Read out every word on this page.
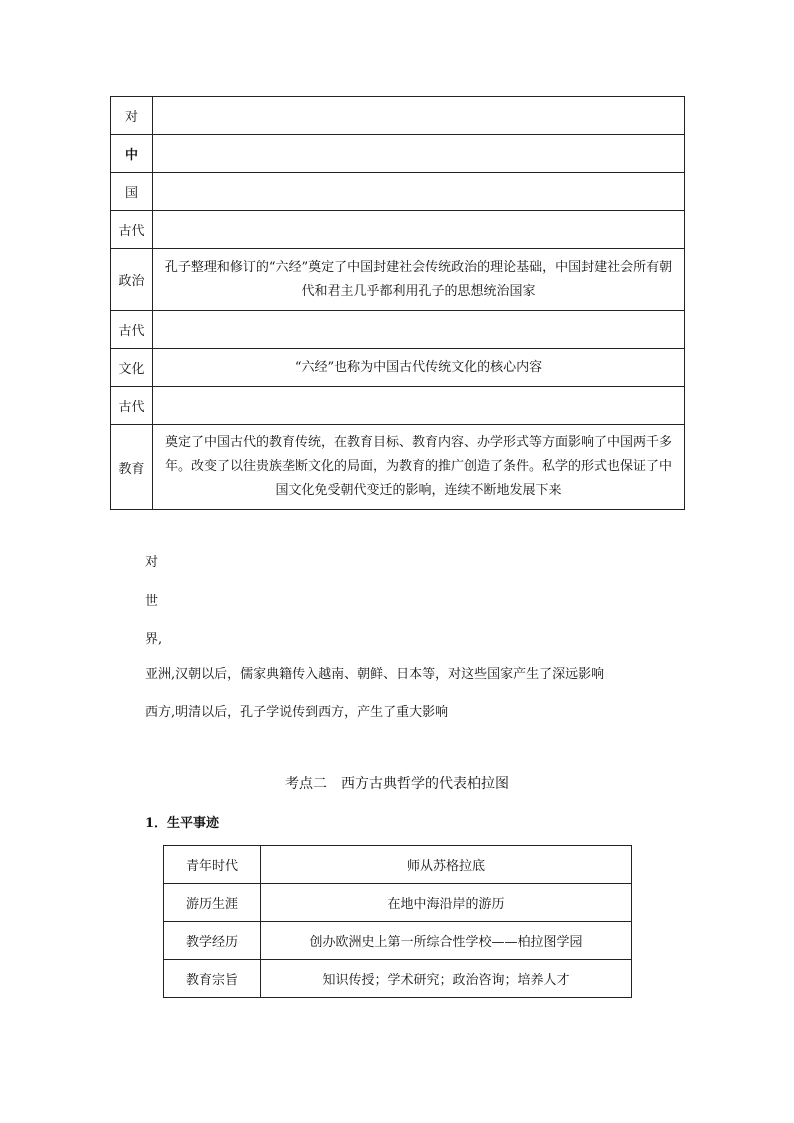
对	
中	
国	
古代	
政治	孔子整理和修订的“六经”奠定了中国封建社会传统政治的理论基础，中国封建社会所有朝代和君主几乎都利用孔子的思想统治国家
古代	
文化	“六经”也称为中国古代传统文化的核心内容
古代	
教育	奠定了中国古代的教育传统，在教育目标、教育内容、办学形式等方面影响了中国两千多年。改变了以往贵族垄断文化的局面，为教育的推广创造了条件。私学的形式也保证了中国文化免受朝代变迁的影响，连续不断地发展下来
对
世
界,
亚洲,汉朝以后，儒家典籍传入越南、朝鲜、日本等，对这些国家产生了深远影响
西方,明清以后，孔子学说传到西方，产生了重大影响
考点二　西方古典哲学的代表柏拉图
1．生平事迹
青年时代	师从苏格拉底
游历生涯	在地中海沿岸的游历
教学经历	创办欧洲史上第一所综合性学校——柏拉图学园
教育宗旨	知识传授；学术研究；政治咨询；培养人才
